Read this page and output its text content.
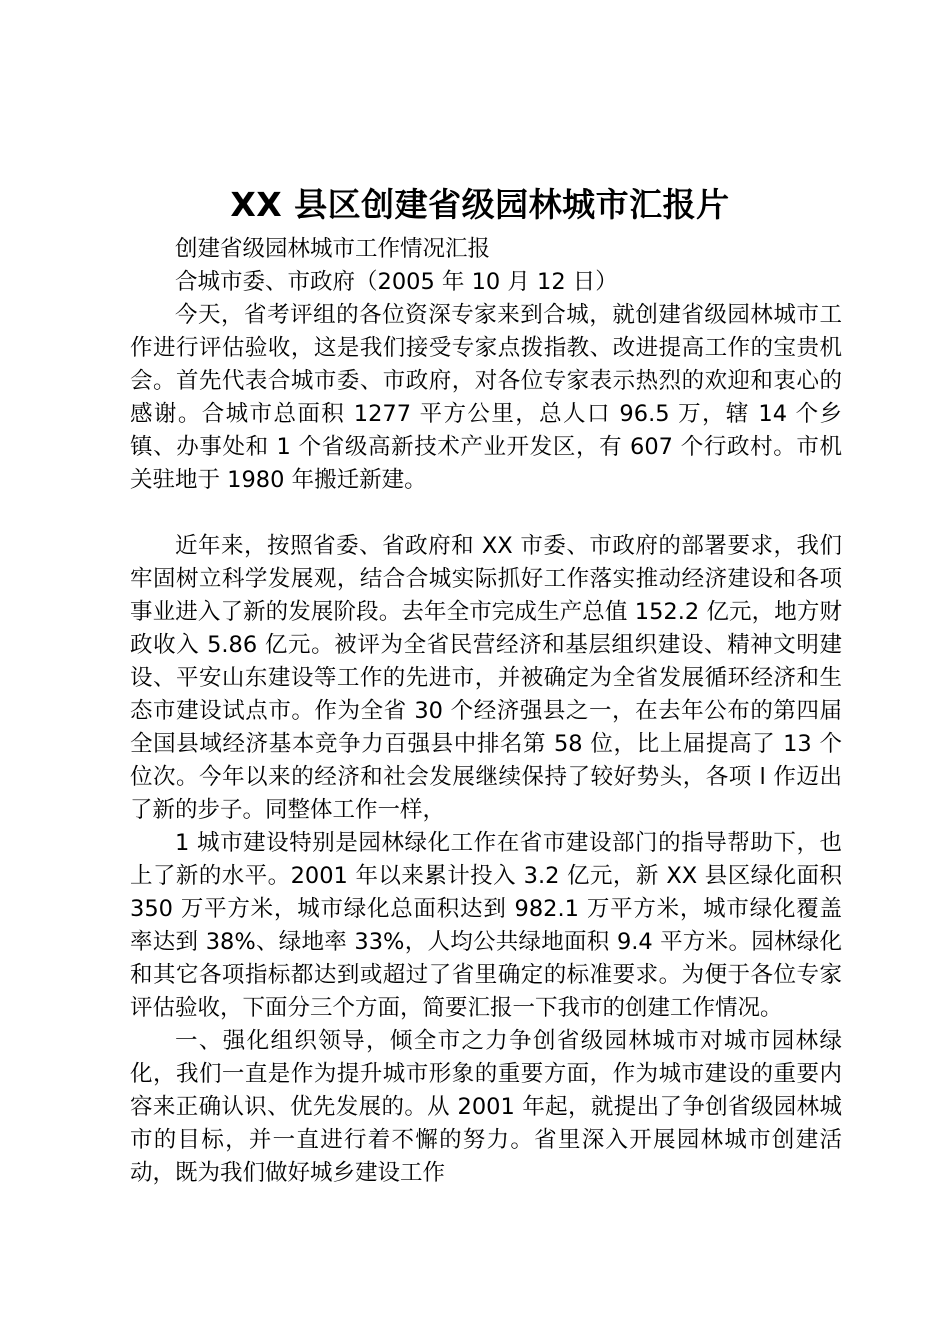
XX 县区创建省级园林城市汇报片

创建省级园林城市工作情况汇报

合城市委、市政府（2005 年 10 月 12 日）

今天，省考评组的各位资深专家来到合城，就创建省级园林城市工作进行评估验收，这是我们接受专家点拨指教、改进提高工作的宝贵机会。首先代表合城市委、市政府，对各位专家表示热烈的欢迎和衷心的感谢。合城市总面积 1277 平方公里，总人口 96.5 万，辖 14 个乡镇、办事处和 1 个省级高新技术产业开发区，有 607 个行政村。市机关驻地于 1980 年搬迁新建。

近年来，按照省委、省政府和 XX 市委、市政府的部署要求，我们牢固树立科学发展观，结合合城实际抓好工作落实推动经济建设和各项事业进入了新的发展阶段。去年全市完成生产总值 152.2 亿元，地方财政收入 5.86 亿元。被评为全省民营经济和基层组织建设、精神文明建设、平安山东建设等工作的先进市，并被确定为全省发展循环经济和生态市建设试点市。作为全省 30 个经济强县之一，在去年公布的第四届全国县域经济基本竞争力百强县中排名第 58 位，比上届提高了 13 个位次。今年以来的经济和社会发展继续保持了较好势头，各项 l 作迈出了新的步子。同整体工作一样，

1 城市建设特别是园林绿化工作在省市建设部门的指导帮助下，也上了新的水平。2001 年以来累计投入 3.2 亿元，新 XX 县区绿化面积 350 万平方米，城市绿化总面积达到 982.1 万平方米，城市绿化覆盖率达到 38%、绿地率 33%，人均公共绿地面积 9.4 平方米。园林绿化和其它各项指标都达到或超过了省里确定的标准要求。为便于各位专家评估验收，下面分三个方面，简要汇报一下我市的创建工作情况。

一、强化组织领导，倾全市之力争创省级园林城市对城市园林绿化，我们一直是作为提升城市形象的重要方面，作为城市建设的重要内容来正确认识、优先发展的。从 2001 年起，就提出了争创省级园林城市的目标，并一直进行着不懈的努力。省里深入开展园林城市创建活动，既为我们做好城乡建设工作
